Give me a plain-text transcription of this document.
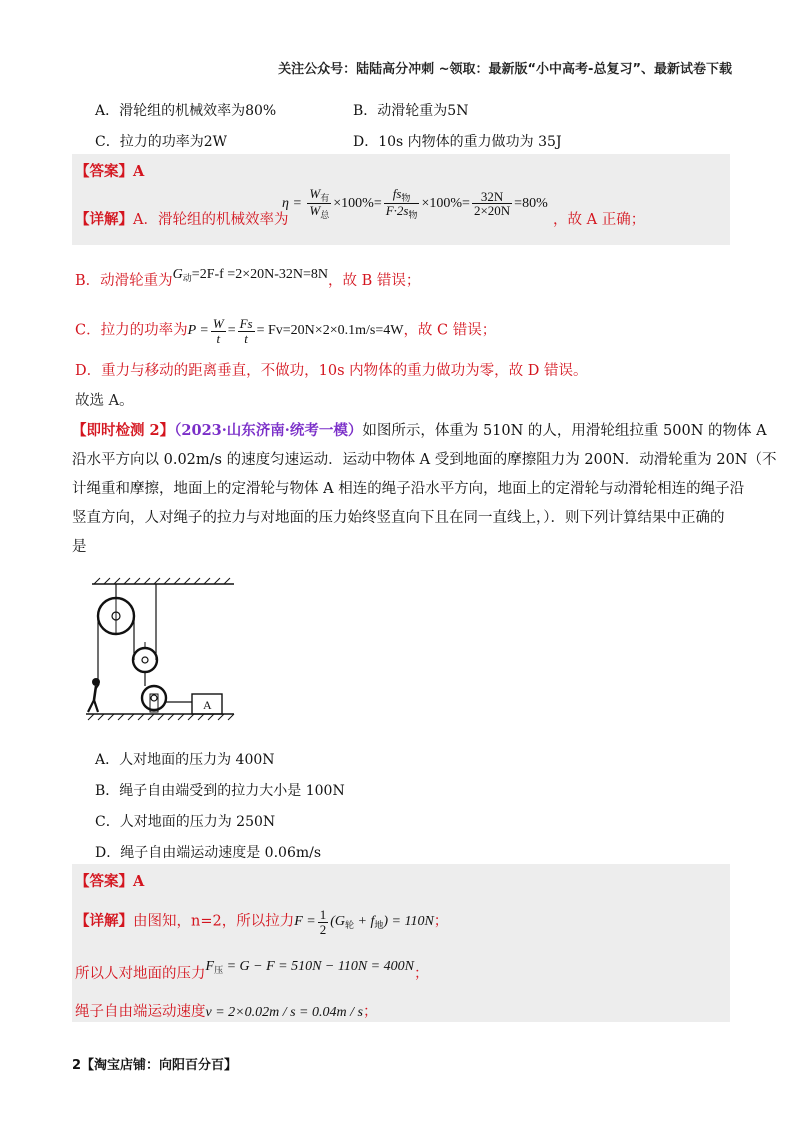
关注公众号：陆陆高分冲刺 ~领取：最新版“小中高考-总复习”、最新试卷下载
A．滑轮组的机械效率为80%	B．动滑轮重为5N
C．拉力的功率为2W	D．10s 内物体的重力做功为 35J
【答案】A
【详解】A．滑轮组的机械效率为
$\eta = \frac{W_有}{W_总} \times 100\%= \frac{fs_物}{F\cdot 2s_物} \times 100\%= \frac{32N}{2\times 20N} =80\%$
，故 A 正确；
B．动滑轮重为$G_动=2F-f =2\times 20N-32N=8N$，故 B 错误；
C．拉力的功率为$P = \frac{W}{t} = \frac{Fs}{t} = Fv=20N\times 2\times 0.1m/s=4W$，故 C 错误；
D．重力与移动的距离垂直，不做功，10s 内物体的重力做功为零，故 D 错误。
故选 A。
【即时检测 2】（2023·山东济南·统考一模）如图所示，体重为 510N 的人，用滑轮组拉重 500N 的物体 A
沿水平方向以 0.02m/s 的速度匀速运动．运动中物体 A 受到地面的摩擦阻力为 200N．动滑轮重为 20N（不
计绳重和摩擦，地面上的定滑轮与物体 A 相连的绳子沿水平方向，地面上的定滑轮与动滑轮相连的绳子沿
竖直方向，人对绳子的拉力与对地面的压力始终竖直向下且在同一直线上，）．则下列计算结果中正确的
是
A
A．人对地面的压力为 400N
B．绳子自由端受到的拉力大小是 100N
C．人对地面的压力为 250N
D．绳子自由端运动速度是 0.06m/s
【答案】A
【详解】由图知，n=2，所以拉力$F = \frac{1}{2} (G_轮 + f_地) = 110N$；
所以人对地面的压力$F_压 = G - F = 510N - 110N = 400N$；
绳子自由端运动速度v = 2×0.02m / s = 0.04m / s；
2【淘宝店铺：向阳百分百】
